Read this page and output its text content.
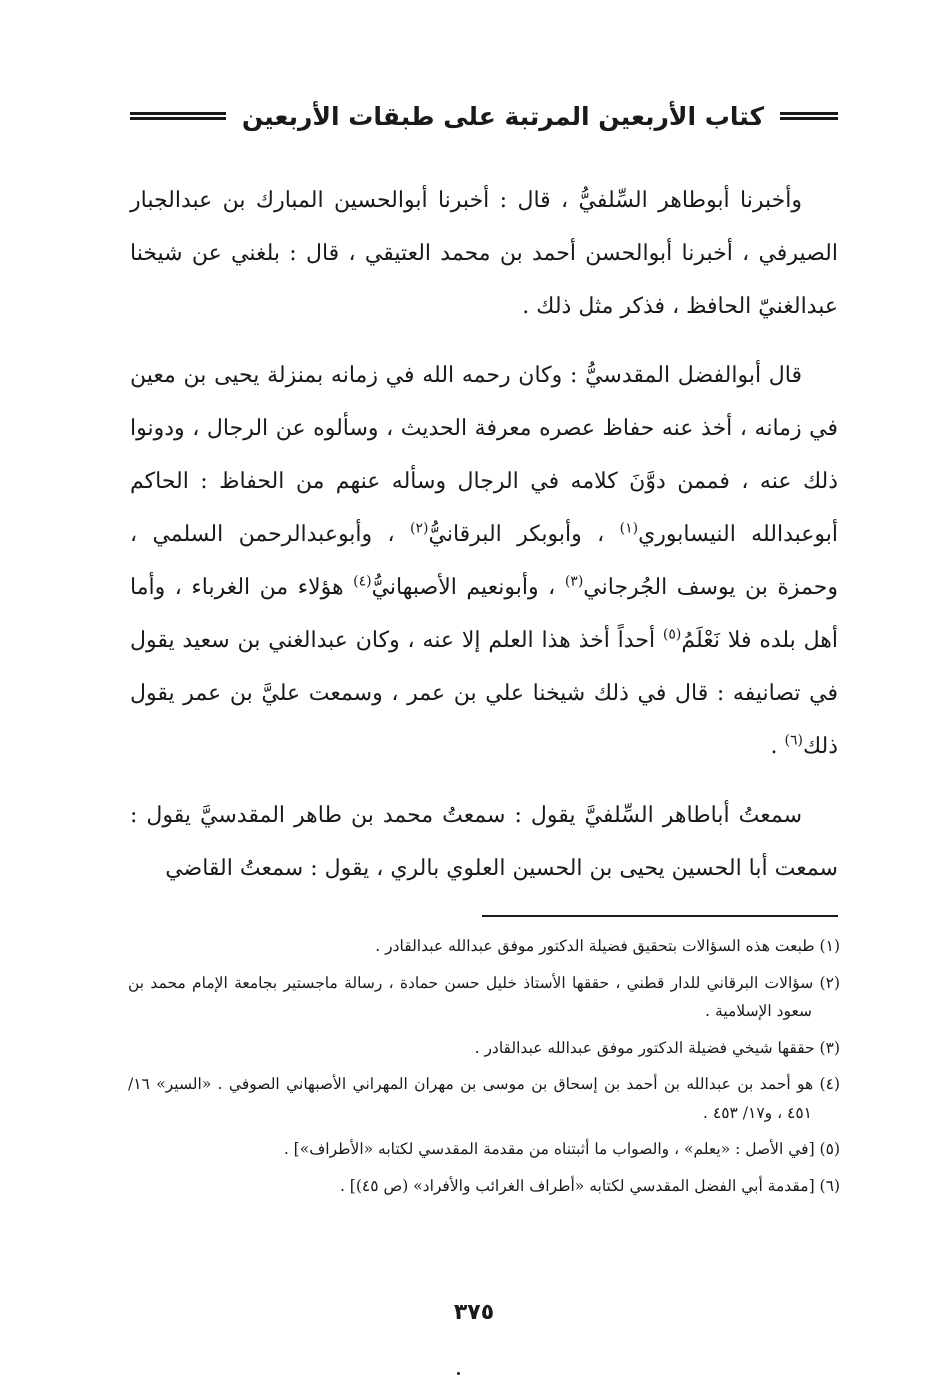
كتاب الأربعين المرتبة على طبقات الأربعين

وأخبرنا أبوطاهر السِّلفيُّ ، قال : أخبرنا أبوالحسين المبارك بن عبدالجبار الصيرفي ، أخبرنا أبوالحسن أحمد بن محمد العتيقي ، قال : بلغني عن شيخنا عبدالغنيّ الحافظ ، فذكر مثل ذلك .

قال أبوالفضل المقدسيُّ : وكان رحمه الله في زمانه بمنزلة يحيى بن معين في زمانه ، أخذ عنه حفاظ عصره معرفة الحديث ، وسألوه عن الرجال ، ودونوا ذلك عنه ، فممن دوَّنَ كلامه في الرجال وسأله عنهم من الحفاظ : الحاكم أبوعبدالله النيسابوري$^{(١)}$ ، وأبوبكر البرقانيُّ$^{(٢)}$ ، وأبوعبدالرحمن السلمي ، وحمزة بن يوسف الجُرجاني$^{(٣)}$ ، وأبونعيم الأصبهانيُّ$^{(٤)}$ هؤلاء من الغرباء ، وأما أهل بلده فلا نَعْلَمُ$^{(٥)}$ أحداً أخذ هذا العلم إلا عنه ، وكان عبدالغني بن سعيد يقول في تصانيفه : قال في ذلك شيخنا علي بن عمر ، وسمعت عليَّ بن عمر يقول ذلك$^{(٦)}$ .

سمعتُ أباطاهر السِّلفيَّ يقول : سمعتُ محمد بن طاهر المقدسيَّ يقول : سمعت أبا الحسين يحيى بن الحسين العلوي بالري ، يقول : سمعتُ القاضي

(١) طبعت هذه السؤالات بتحقيق فضيلة الدكتور موفق عبدالله عبدالقادر .

(٢) سؤالات البرقاني للدار قطني ، حققها الأستاذ خليل حسن حمادة ، رسالة ماجستير بجامعة الإمام محمد بن سعود الإسلامية .

(٣) حققها شيخي فضيلة الدكتور موفق عبدالله عبدالقادر .

(٤) هو أحمد بن عبدالله بن أحمد بن إسحاق بن موسى بن مهران المهراني الأصبهاني الصوفي . «السير» ١٦/ ٤٥١ ، و١٧/ ٤٥٣ .

(٥) [في الأصل : «يعلم» ، والصواب ما أثبتناه من مقدمة المقدسي لكتابه «الأطراف»] .

(٦) [مقدمة أبي الفضل المقدسي لكتابه «أطراف الغرائب والأفراد» (ص ٤٥)] .

٣٧٥
